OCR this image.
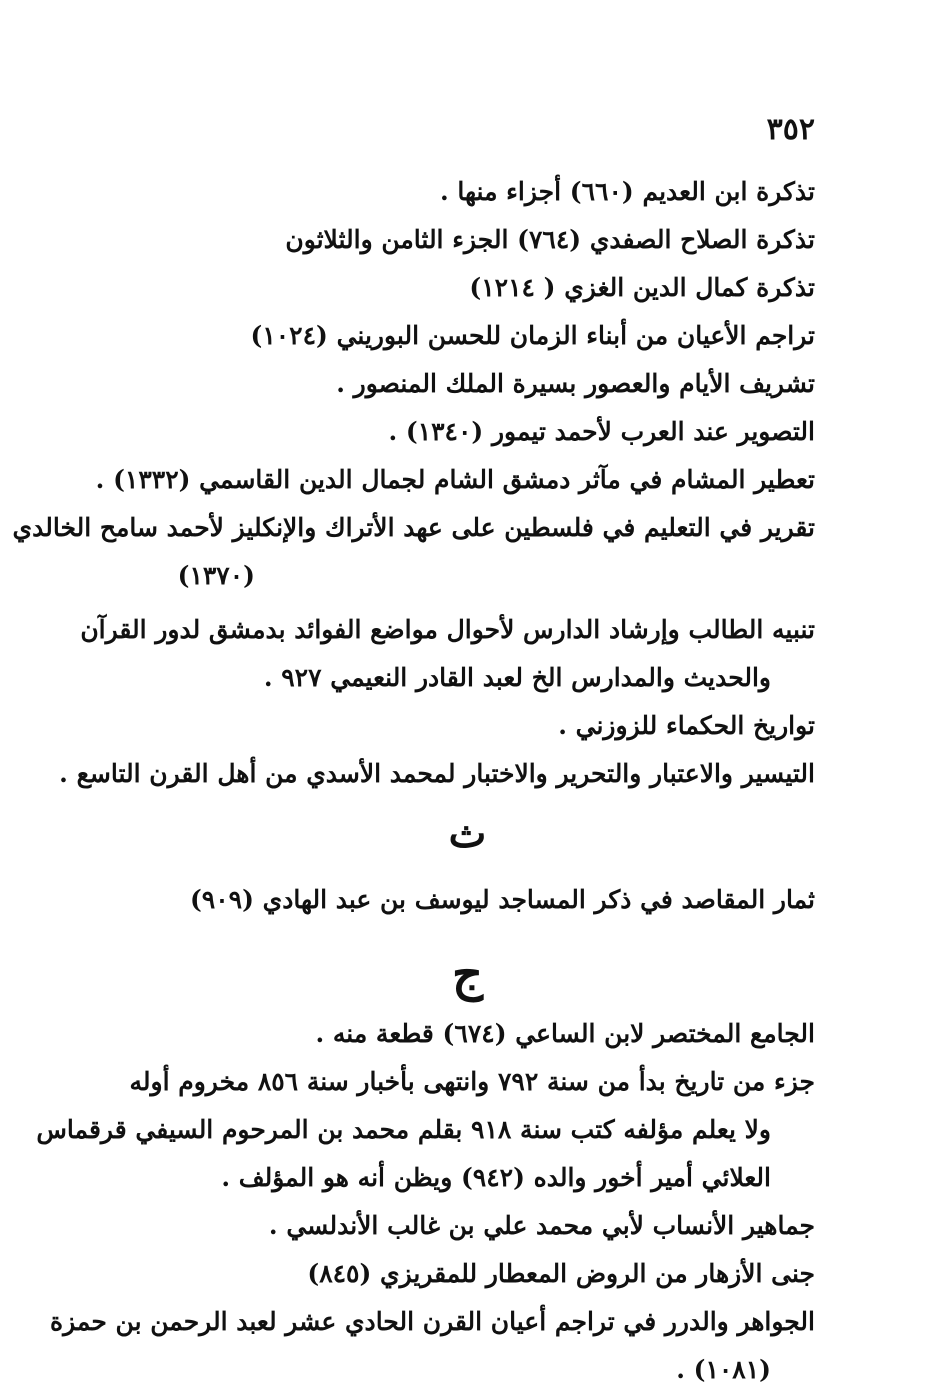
٣٥٢
تذكرة ابن العديم (٦٦٠) أجزاء منها .
تذكرة الصلاح الصفدي (٧٦٤) الجزء الثامن والثلاثون
تذكرة كمال الدين الغزي ( ١٢١٤)
تراجم الأعيان من أبناء الزمان للحسن البوريني (١٠٢٤)
تشريف الأيام والعصور بسيرة الملك المنصور .
التصوير عند العرب لأحمد تيمور (١٣٤٠) .
تعطير المشام في مآثر دمشق الشام لجمال الدين القاسمي (١٣٣٢) .
تقرير في التعليم في فلسطين على عهد الأتراك والإنكليز لأحمد سامح الخالدي
(١٣٧٠)
تنبيه الطالب وإرشاد الدارس لأحوال مواضع الفوائد بدمشق لدور القرآن
والحديث والمدارس الخ لعبد القادر النعيمي ٩٢٧ .
تواريخ الحكماء للزوزني .
التيسير والاعتبار والتحرير والاختبار لمحمد الأسدي من أهل القرن التاسع .
ث
ثمار المقاصد في ذكر المساجد ليوسف بن عبد الهادي (٩٠٩)
ج
الجامع المختصر لابن الساعي (٦٧٤) قطعة منه .
جزء من تاريخ بدأ من سنة ٧٩٢ وانتهى بأخبار سنة ٨٥٦ مخروم أوله
ولا يعلم مؤلفه كتب سنة ٩١٨ بقلم محمد بن المرحوم السيفي قرقماس
العلائي أمير أخور والده (٩٤٢) ويظن أنه هو المؤلف .
جماهير الأنساب لأبي محمد علي بن غالب الأندلسي .
جنى الأزهار من الروض المعطار للمقريزي (٨٤٥)
الجواهر والدرر في تراجم أعيان القرن الحادي عشر لعبد الرحمن بن حمزة
(١٠٨١) .
